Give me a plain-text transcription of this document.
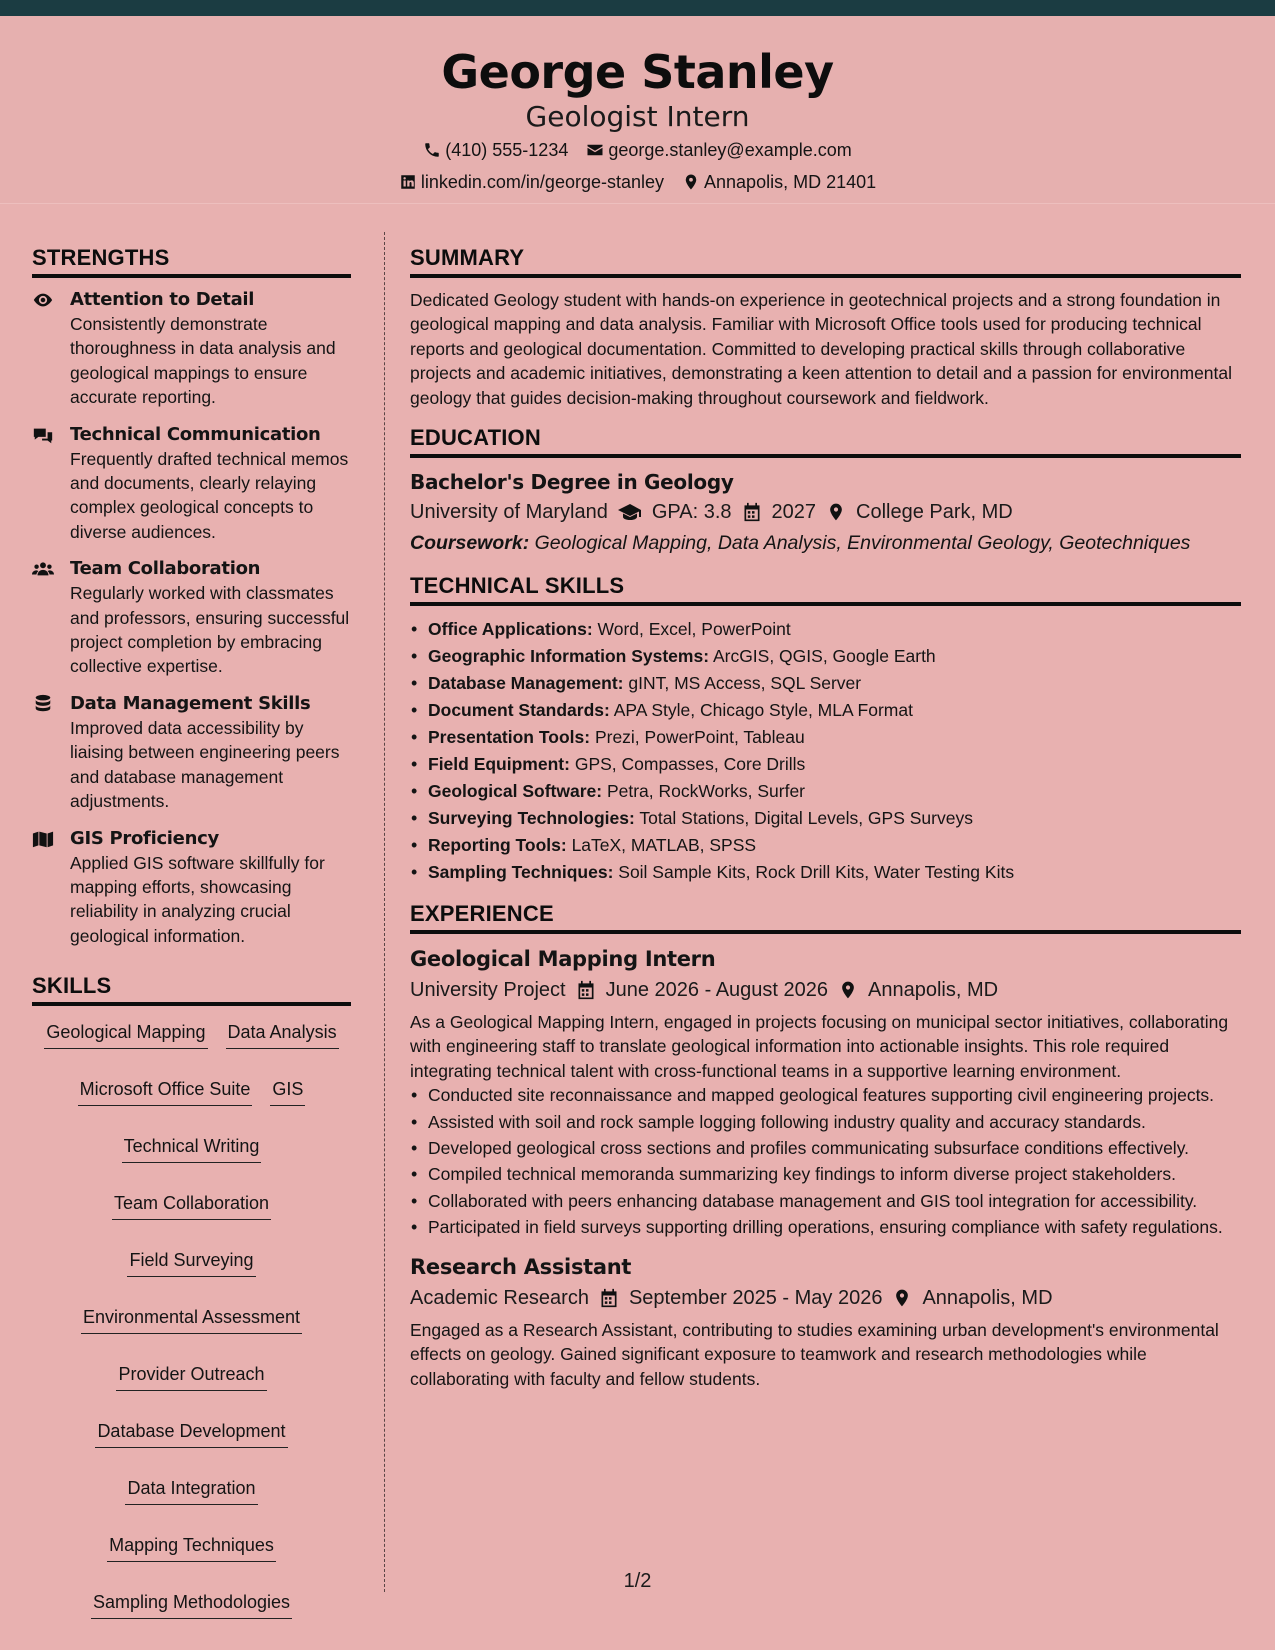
George Stanley
Geologist Intern
(410) 555-1234 george.stanley@example.com
linkedin.com/in/george-stanley Annapolis, MD 21401
STRENGTHS
Attention to Detail
Consistently demonstrate thoroughness in data analysis and geological mappings to ensure accurate reporting.
Technical Communication
Frequently drafted technical memos and documents, clearly relaying complex geological concepts to diverse audiences.
Team Collaboration
Regularly worked with classmates and professors, ensuring successful project completion by embracing collective expertise.
Data Management Skills
Improved data accessibility by liaising between engineering peers and database management adjustments.
GIS Proficiency
Applied GIS software skillfully for mapping efforts, showcasing reliability in analyzing crucial geological information.
SKILLS
Geological Mapping Data Analysis
Microsoft Office Suite GIS
Technical Writing
Team Collaboration
Field Surveying
Environmental Assessment
Provider Outreach
Database Development
Data Integration
Mapping Techniques
Sampling Methodologies
SUMMARY

Dedicated Geology student with hands-on experience in geotechnical projects and a strong foundation in geological mapping and data analysis. Familiar with Microsoft Office tools used for producing technical reports and geological documentation. Committed to developing practical skills through collaborative projects and academic initiatives, demonstrating a keen attention to detail and a passion for environmental geology that guides decision-making throughout coursework and fieldwork.

EDUCATION
Bachelor's Degree in Geology
University of Maryland GPA: 3.8 2027 College Park, MD
Coursework: Geological Mapping, Data Analysis, Environmental Geology, Geotechniques
TECHNICAL SKILLS
• Office Applications: Word, Excel, PowerPoint
• Geographic Information Systems: ArcGIS, QGIS, Google Earth
• Database Management: gINT, MS Access, SQL Server
• Document Standards: APA Style, Chicago Style, MLA Format
• Presentation Tools: Prezi, PowerPoint, Tableau
• Field Equipment: GPS, Compasses, Core Drills
• Geological Software: Petra, RockWorks, Surfer
• Surveying Technologies: Total Stations, Digital Levels, GPS Surveys
• Reporting Tools: LaTeX, MATLAB, SPSS
• Sampling Techniques: Soil Sample Kits, Rock Drill Kits, Water Testing Kits
EXPERIENCE
Geological Mapping Intern
University Project June 2026 - August 2026 Annapolis, MD

As a Geological Mapping Intern, engaged in projects focusing on municipal sector initiatives, collaborating with engineering staff to translate geological information into actionable insights. This role required integrating technical talent with cross-functional teams in a supportive learning environment.

• Conducted site reconnaissance and mapped geological features supporting civil engineering projects.
• Assisted with soil and rock sample logging following industry quality and accuracy standards.
• Developed geological cross sections and profiles communicating subsurface conditions effectively.
• Compiled technical memoranda summarizing key findings to inform diverse project stakeholders.
• Collaborated with peers enhancing database management and GIS tool integration for accessibility.
• Participated in field surveys supporting drilling operations, ensuring compliance with safety regulations.
Research Assistant
Academic Research September 2025 - May 2026 Annapolis, MD

Engaged as a Research Assistant, contributing to studies examining urban development's environmental effects on geology. Gained significant exposure to teamwork and research methodologies while collaborating with faculty and fellow students.

1/2
